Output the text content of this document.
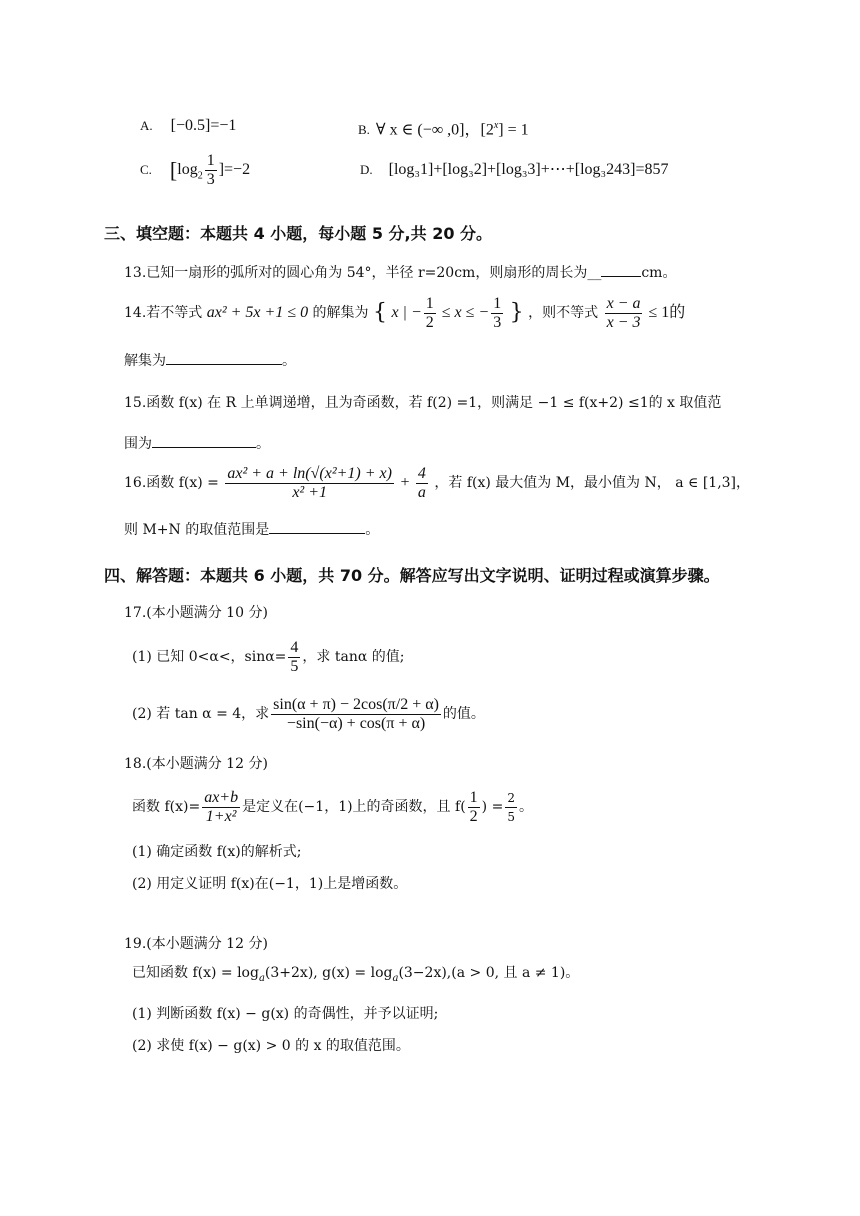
A. [−0.5]=−1	B. ∀ x ∈ (−∞ ,0]，$[2^x] = 1$
C. $[\log_2 \frac{1}{3} ]=-2$	D. [log₃1]+[log₃2]+[log₃3]+⋯+[log₃243]=857
三、填空题：本题共 4 小题，每小题 5 分,共 20 分。
13.已知一扇形的弧所对的圆心角为 54°，半径 r=20cm，则扇形的周长为__	cm。
14.若不等式 ax² + 5x +1 ≤ 0 的解集为 { x | − $\frac{1}{2} \le x$ ≤ − $\frac{1}{3}$ } ，则不等式 $\frac{x - a}{x - 3} \le 1$的
解集为	。
15.函数 f(x) 在 R 上单调递增，且为奇函数，若 f(2) =1，则满足 −1 ≤ f(x+2) ≤1的 x 取值范
围为	。
16.函数 $f(x) = \frac{\text{ax² + a + ln(√(x²+1) + x)}}{\text{x² +1}} + \frac{4}{a}$ ，若 f(x) 最大值为 M，最小值为 N， a ∈ [1,3]，
则 M+N 的取值范围是	。
四、解答题：本题共 6 小题，共 70 分。解答应写出文字说明、证明过程或演算步骤。
17.(本小题满分 10 分)
(1) 已知 0<α<，$\sin\alpha= \frac{4}{5}$ ，求 tanα 的值;
(2) 若 tan α = 4，求 $\frac{\sin(\alpha + \pi) - 2\cos(\pi/2 + \alpha)}{-\sin(-\alpha) + \cos(\pi + \alpha)}$ 的值。
18.(本小题满分 12 分)
函数 $f(x)= \frac{ax+b}{\text{1+x²}}$ 是定义在(−1，1)上的奇函数，且 $f( \frac{1}{2}$ ) = $\frac{2}{5}$ 。
(1) 确定函数 f(x)的解析式;
(2) 用定义证明 f(x)在(−1，1)上是增函数。
19.(本小题满分 12 分)
已知函数 $f(x) = \log_a(3+2x)$, $g(x) = \log_a(3-2x),(a > 0$, 且 a ≠ 1)。
(1) 判断函数 f(x) − g(x) 的奇偶性，并予以证明;
(2) 求使 f(x) − g(x) > 0 的 x 的取值范围。
